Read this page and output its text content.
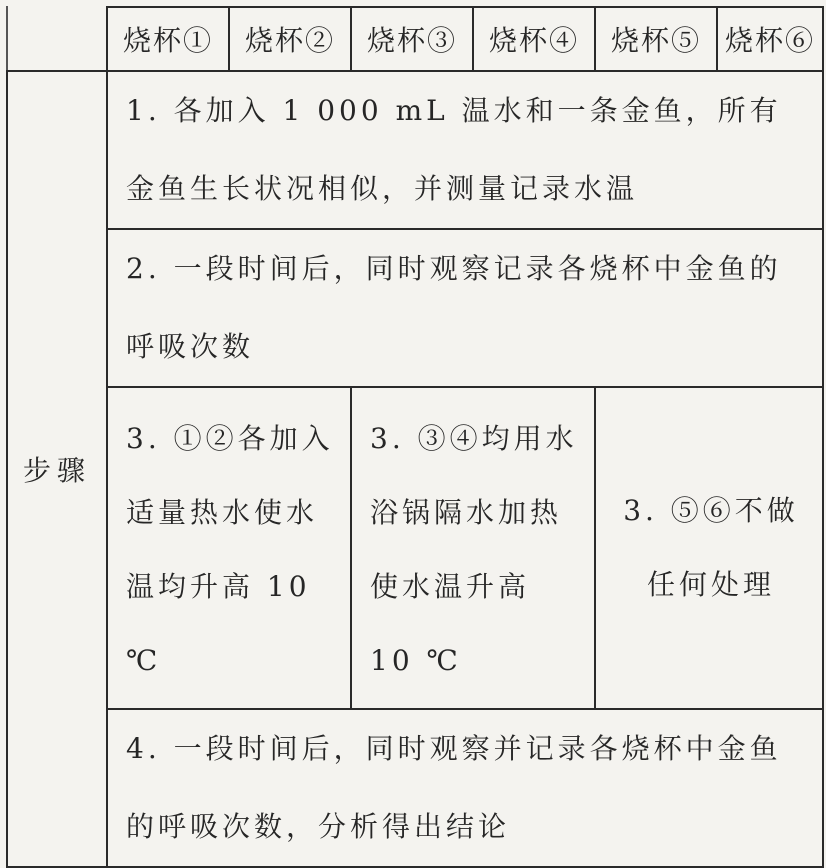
	烧杯①	烧杯②	烧杯③	烧杯④	烧杯⑤	烧杯⑥
步骤	1. 各加入 1 000 mL 温水和一条金鱼，所有金鱼生长状况相似，并测量记录水温					
	2. 一段时间后，同时观察记录各烧杯中金鱼的呼吸次数					
	3. ①②各加入适量热水使水温均升高 10 ℃		3. ③④均用水浴锅隔水加热使水温升高 10 ℃		3. ⑤⑥不做任何处理	
	4. 一段时间后，同时观察并记录各烧杯中金鱼的呼吸次数，分析得出结论					
